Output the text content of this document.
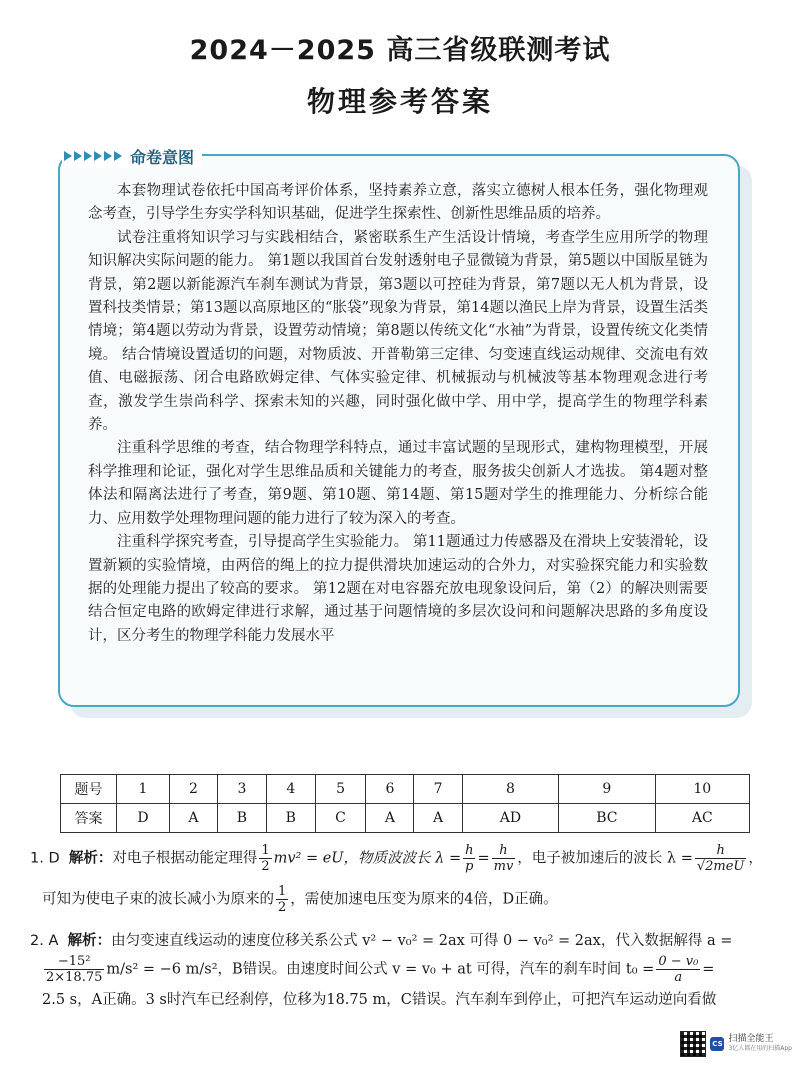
2024－2025 高三省级联测考试
物理参考答案
命卷意图

本套物理试卷依托中国高考评价体系，坚持素养立意，落实立德树人根本任务，强化物理观念考查，引导学生夯实学科知识基础，促进学生探索性、创新性思维品质的培养。

试卷注重将知识学习与实践相结合，紧密联系生产生活设计情境，考查学生应用所学的物理知识解决实际问题的能力。 第1题以我国首台发射透射电子显微镜为背景，第5题以中国版星链为背景，第2题以新能源汽车刹车测试为背景，第3题以可控硅为背景，第7题以无人机为背景，设置科技类情景；第13题以高原地区的“胀袋”现象为背景，第14题以渔民上岸为背景，设置生活类情境；第4题以劳动为背景，设置劳动情境；第8题以传统文化“水袖”为背景，设置传统文化类情境。 结合情境设置适切的问题，对物质波、开普勒第三定律、匀变速直线运动规律、交流电有效值、电磁振荡、闭合电路欧姆定律、气体实验定律、机械振动与机械波等基本物理观念进行考查，激发学生崇尚科学、探索未知的兴趣，同时强化做中学、用中学，提高学生的物理学科素养。

注重科学思维的考查，结合物理学科特点，通过丰富试题的呈现形式，建构物理模型，开展科学推理和论证，强化对学生思维品质和关键能力的考查，服务拔尖创新人才选拔。 第4题对整体法和隔离法进行了考查，第9题、第10题、第14题、第15题对学生的推理能力、分析综合能力、应用数学处理物理问题的能力进行了较为深入的考查。

注重科学探究考查，引导提高学生实验能力。 第11题通过力传感器及在滑块上安装滑轮，设置新颖的实验情境，由两倍的绳上的拉力提供滑块加速运动的合外力，对实验探究能力和实验数据的处理能力提出了较高的要求。 第12题在对电容器充放电现象设问后，第（2）的解决则需要结合恒定电路的欧姆定律进行求解，通过基于问题情境的多层次设问和问题解决思路的多角度设计，区分考生的物理学科能力发展水平

题号	1	2	3	4	5	6	7	8	9	10
答案	D	A	B	B	C	A	A	AD	BC	AC
1. D 解析：对电子根据动能定理得 $\frac{1}{2} mv^2$ = eU，物质波波长 $\lambda = \frac{h}{p} = \frac{h}{mv}$ ，电子被加速后的波长 $\lambda = \frac{h}{\text{√2meU}}$ ，
可知为使电子束的波长减小为原来的 $\frac{1}{2}$ ，需使加速电压变为原来的4倍，D正确。
2. A 解析：由匀变速直线运动的速度位移关系公式 v² − v₀² = 2ax 可得 0 − v₀² = 2ax，代入数据解得 a =
$\frac{\text{−15²}}{2\times 18.75} m/s^2 = -6$ m/s²，B错误。由速度时间公式 v = v₀ + at 可得，汽车的刹车时间 $t_0 = \frac{\text{0 − v₀}}{a}$ =
2.5 s，A正确。3 s时汽车已经刹停，位移为18.75 m，C错误。汽车刹车到停止，可把汽车运动逆向看做
CS 扫描全能王
3亿人都在用的扫描App
